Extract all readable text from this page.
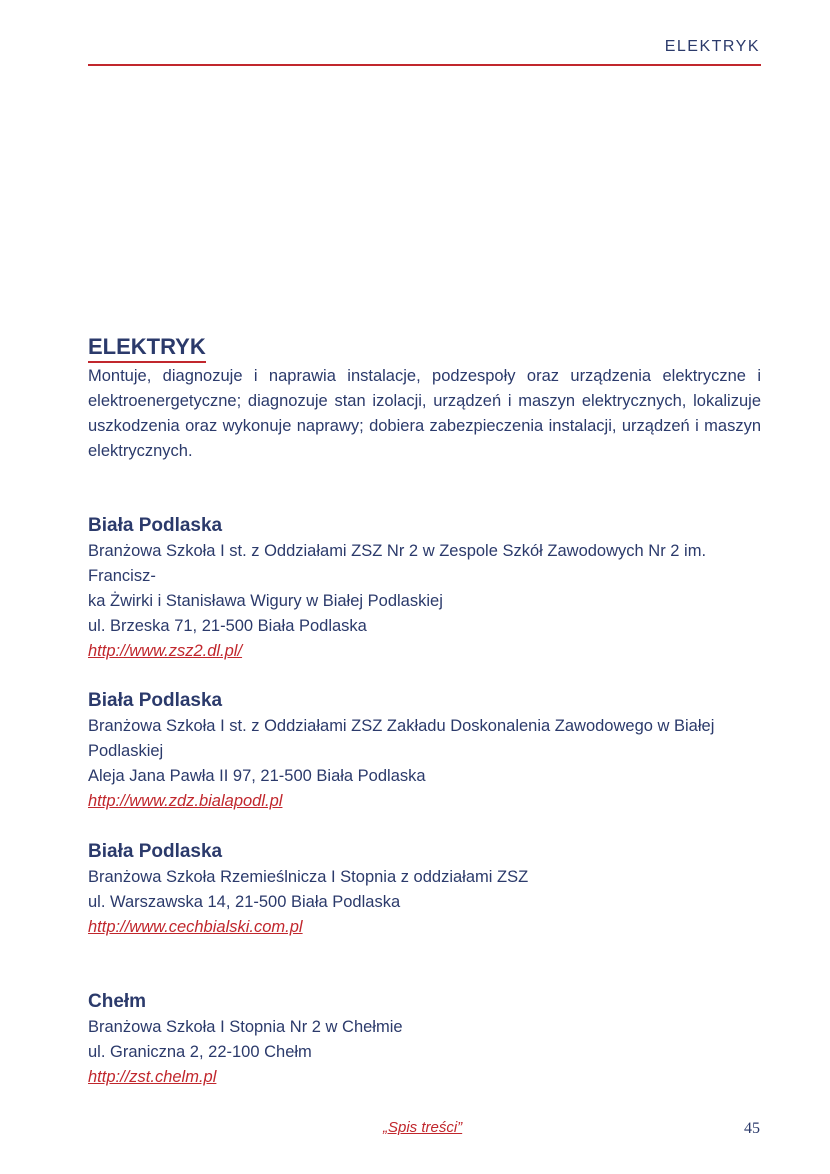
ELEKTRYK
ELEKTRYK

Montuje, diagnozuje i naprawia instalacje, podzespoły oraz urządzenia elektryczne i elektroenergetyczne; diagnozuje stan izolacji, urządzeń i maszyn elektrycznych, lokalizuje uszkodzenia oraz wykonuje naprawy; dobiera zabezpieczenia instalacji, urządzeń i maszyn elektrycznych.

Biała Podlaska
Branżowa Szkoła I st. z Oddziałami ZSZ Nr 2 w Zespole Szkół Zawodowych Nr 2 im. Francisz-
ka Żwirki i Stanisława Wigury w Białej Podlaskiej
ul. Brzeska 71, 21-500 Biała Podlaska
http://www.zsz2.dl.pl/
Biała Podlaska
Branżowa Szkoła I st. z Oddziałami ZSZ Zakładu Doskonalenia Zawodowego w Białej Podlaskiej
Aleja Jana Pawła II 97, 21-500 Biała Podlaska
http://www.zdz.bialapodl.pl
Biała Podlaska
Branżowa Szkoła Rzemieślnicza I Stopnia z oddziałami ZSZ
ul. Warszawska 14, 21-500 Biała Podlaska
http://www.cechbialski.com.pl
Chełm
Branżowa Szkoła I Stopnia Nr 2 w Chełmie
ul. Graniczna 2, 22-100 Chełm
http://zst.chelm.pl
„Spis treści”	45
